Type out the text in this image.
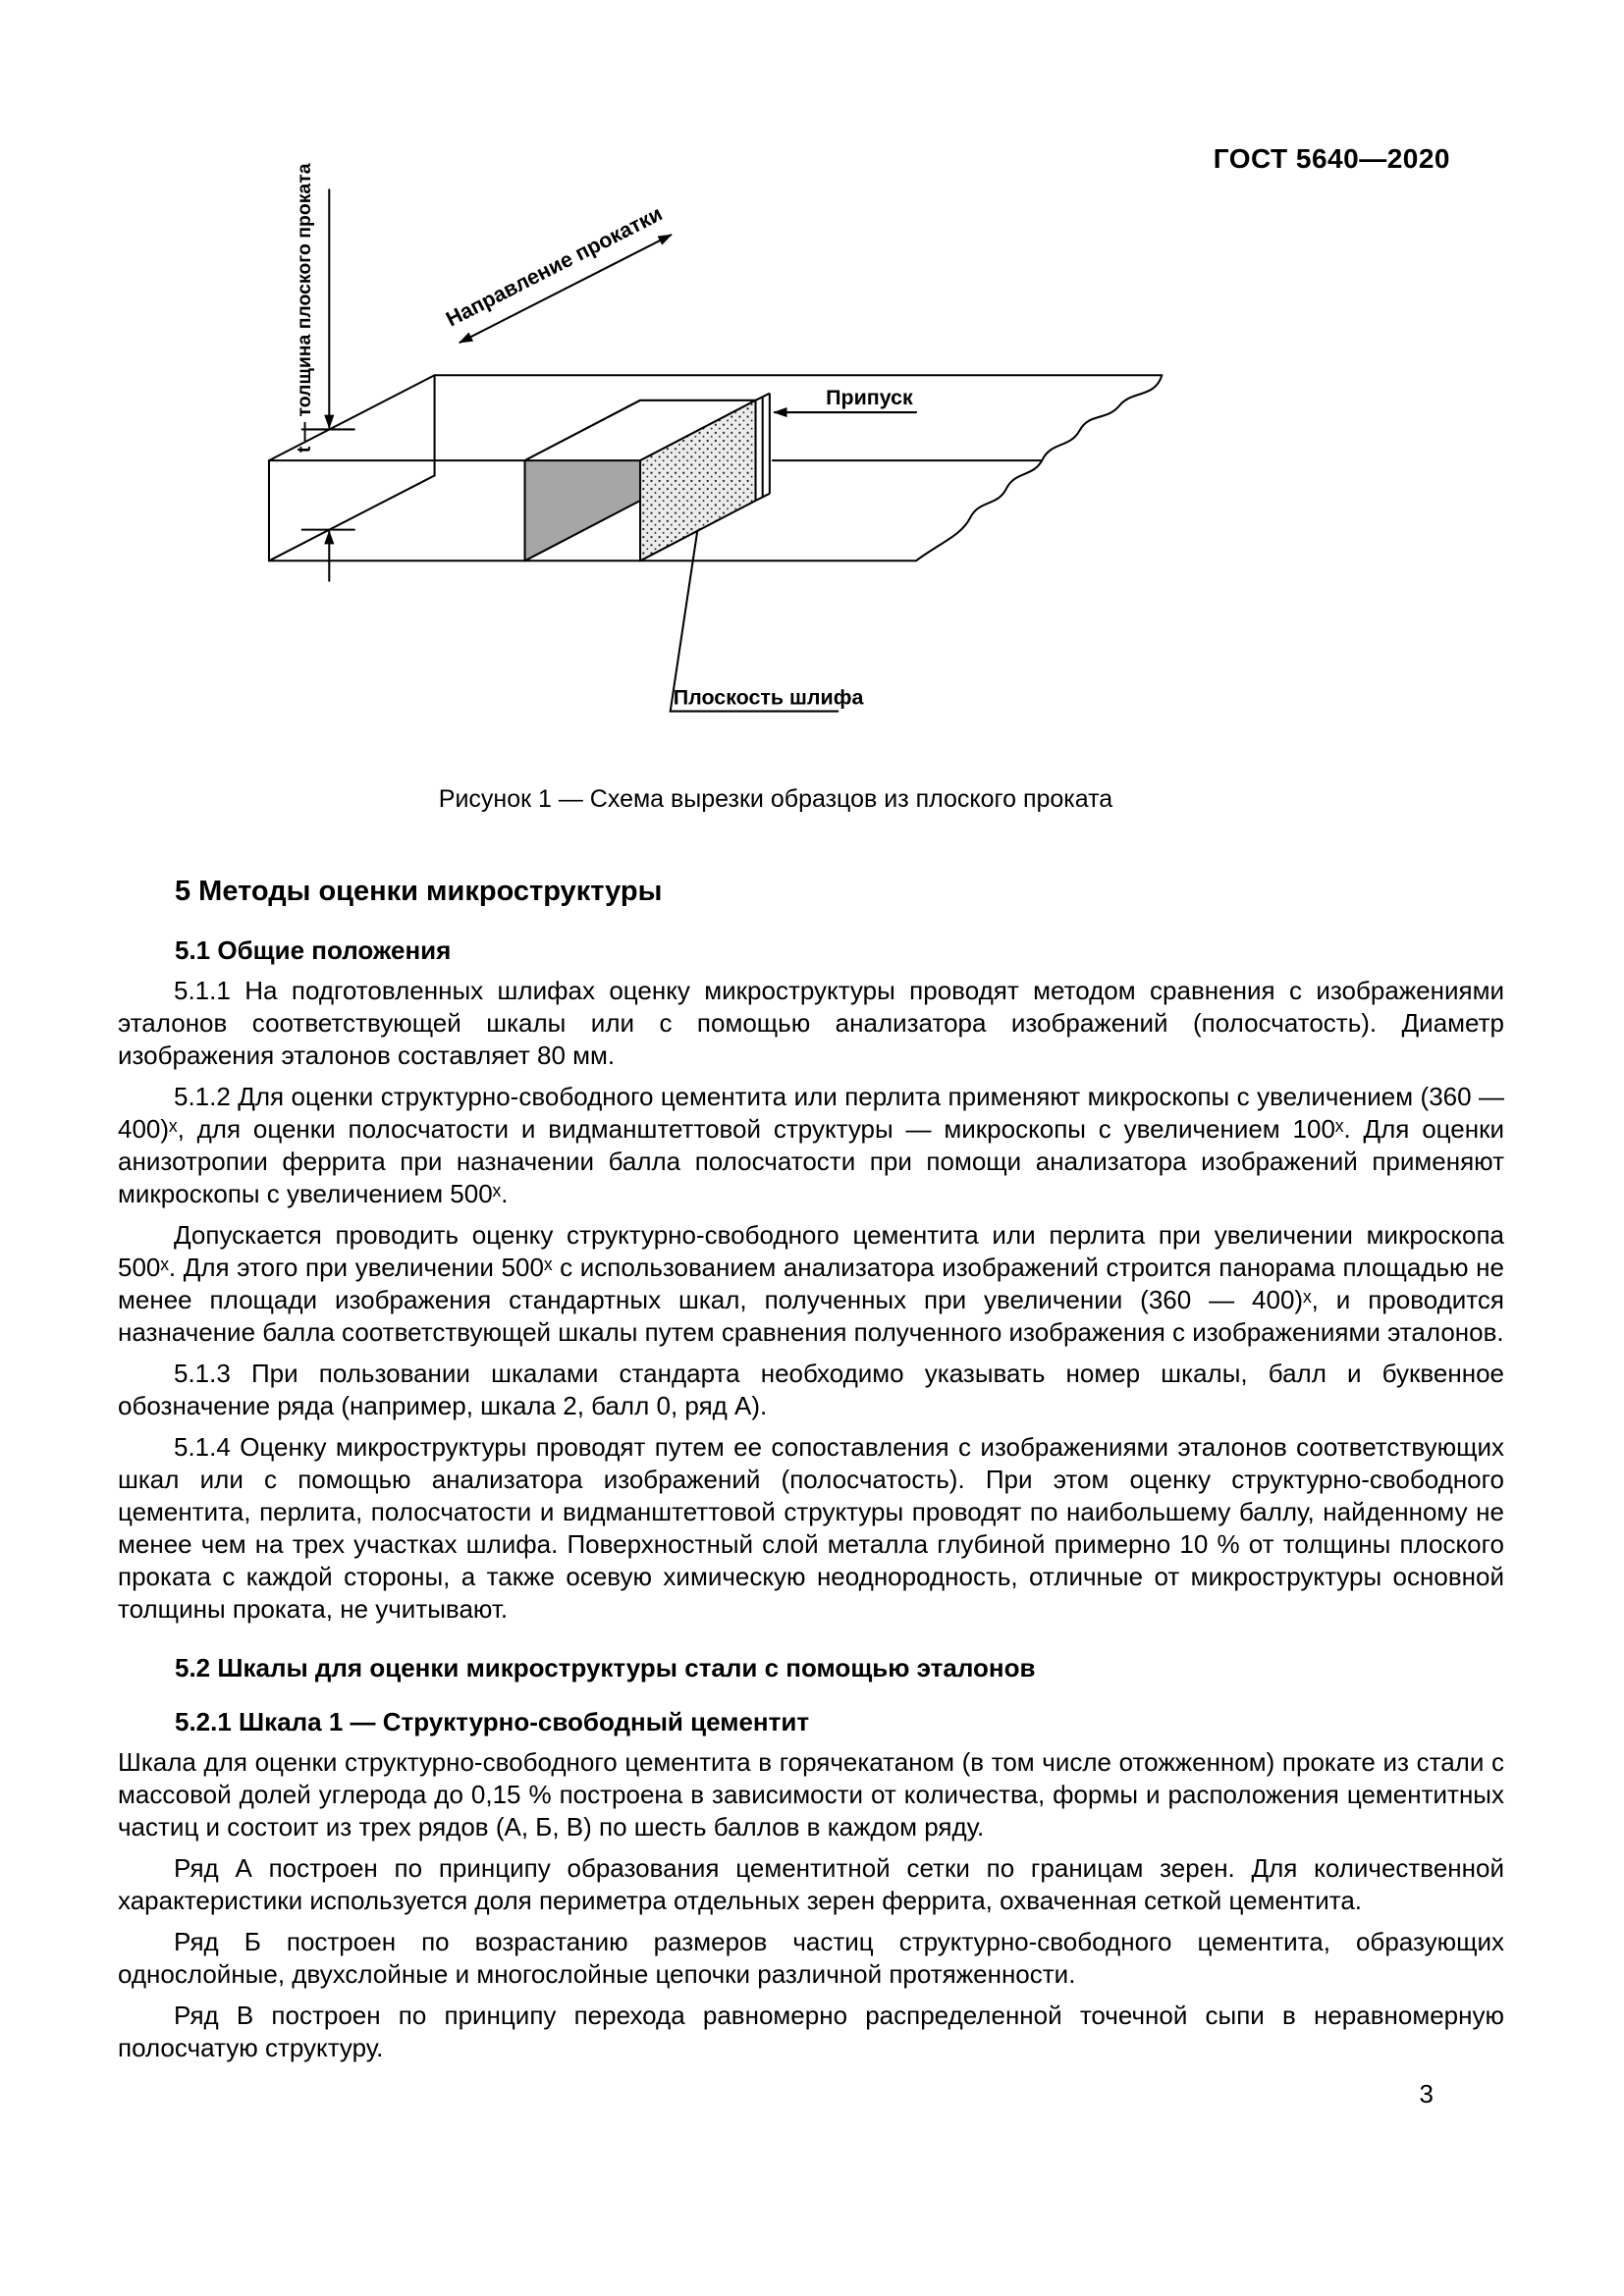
ГОСТ 5640—2020
t — толщина плоского проката	Направление прокатки
Припуск
Плоскость шлифа
Рисунок 1 — Схема вырезки образцов из плоского проката
5 Методы оценки микроструктуры
5.1 Общие положения

5.1.1 На подготовленных шлифах оценку микроструктуры проводят методом сравнения с изображениями эталонов соответствующей шкалы или с помощью анализатора изображений (полосчатость). Диаметр изображения эталонов составляет 80 мм.

5.1.2 Для оценки структурно-свободного цементита или перлита применяют микроскопы с увеличением (360 — 400)ˣ, для оценки полосчатости и видманштеттовой структуры — микроскопы с увеличением 100ˣ. Для оценки анизотропии феррита при назначении балла полосчатости при помощи анализатора изображений применяют микроскопы с увеличением 500ˣ.

Допускается проводить оценку структурно-свободного цементита или перлита при увеличении микроскопа 500ˣ. Для этого при увеличении 500ˣ с использованием анализатора изображений строится панорама площадью не менее площади изображения стандартных шкал, полученных при увеличении (360 — 400)ˣ, и проводится назначение балла соответствующей шкалы путем сравнения полученного изображения с изображениями эталонов.

5.1.3 При пользовании шкалами стандарта необходимо указывать номер шкалы, балл и буквенное обозначение ряда (например, шкала 2, балл 0, ряд А).

5.1.4 Оценку микроструктуры проводят путем ее сопоставления с изображениями эталонов соответствующих шкал или с помощью анализатора изображений (полосчатость). При этом оценку структурно-свободного цементита, перлита, полосчатости и видманштеттовой структуры проводят по наибольшему баллу, найденному не менее чем на трех участках шлифа. Поверхностный слой металла глубиной примерно 10 % от толщины плоского проката с каждой стороны, а также осевую химическую неоднородность, отличные от микроструктуры основной толщины проката, не учитывают.

5.2 Шкалы для оценки микроструктуры стали с помощью эталонов
5.2.1 Шкала 1 — Структурно-свободный цементит

Шкала для оценки структурно-свободного цементита в горячекатаном (в том числе отожженном) прокате из стали с массовой долей углерода до 0,15 % построена в зависимости от количества, формы и расположения цементитных частиц и состоит из трех рядов (А, Б, В) по шесть баллов в каждом ряду.

Ряд А построен по принципу образования цементитной сетки по границам зерен. Для количественной характеристики используется доля периметра отдельных зерен феррита, охваченная сеткой цементита.

Ряд Б построен по возрастанию размеров частиц структурно-свободного цементита, образующих однослойные, двухслойные и многослойные цепочки различной протяженности.

Ряд В построен по принципу перехода равномерно распределенной точечной сыпи в неравномерную полосчатую структуру.

3
